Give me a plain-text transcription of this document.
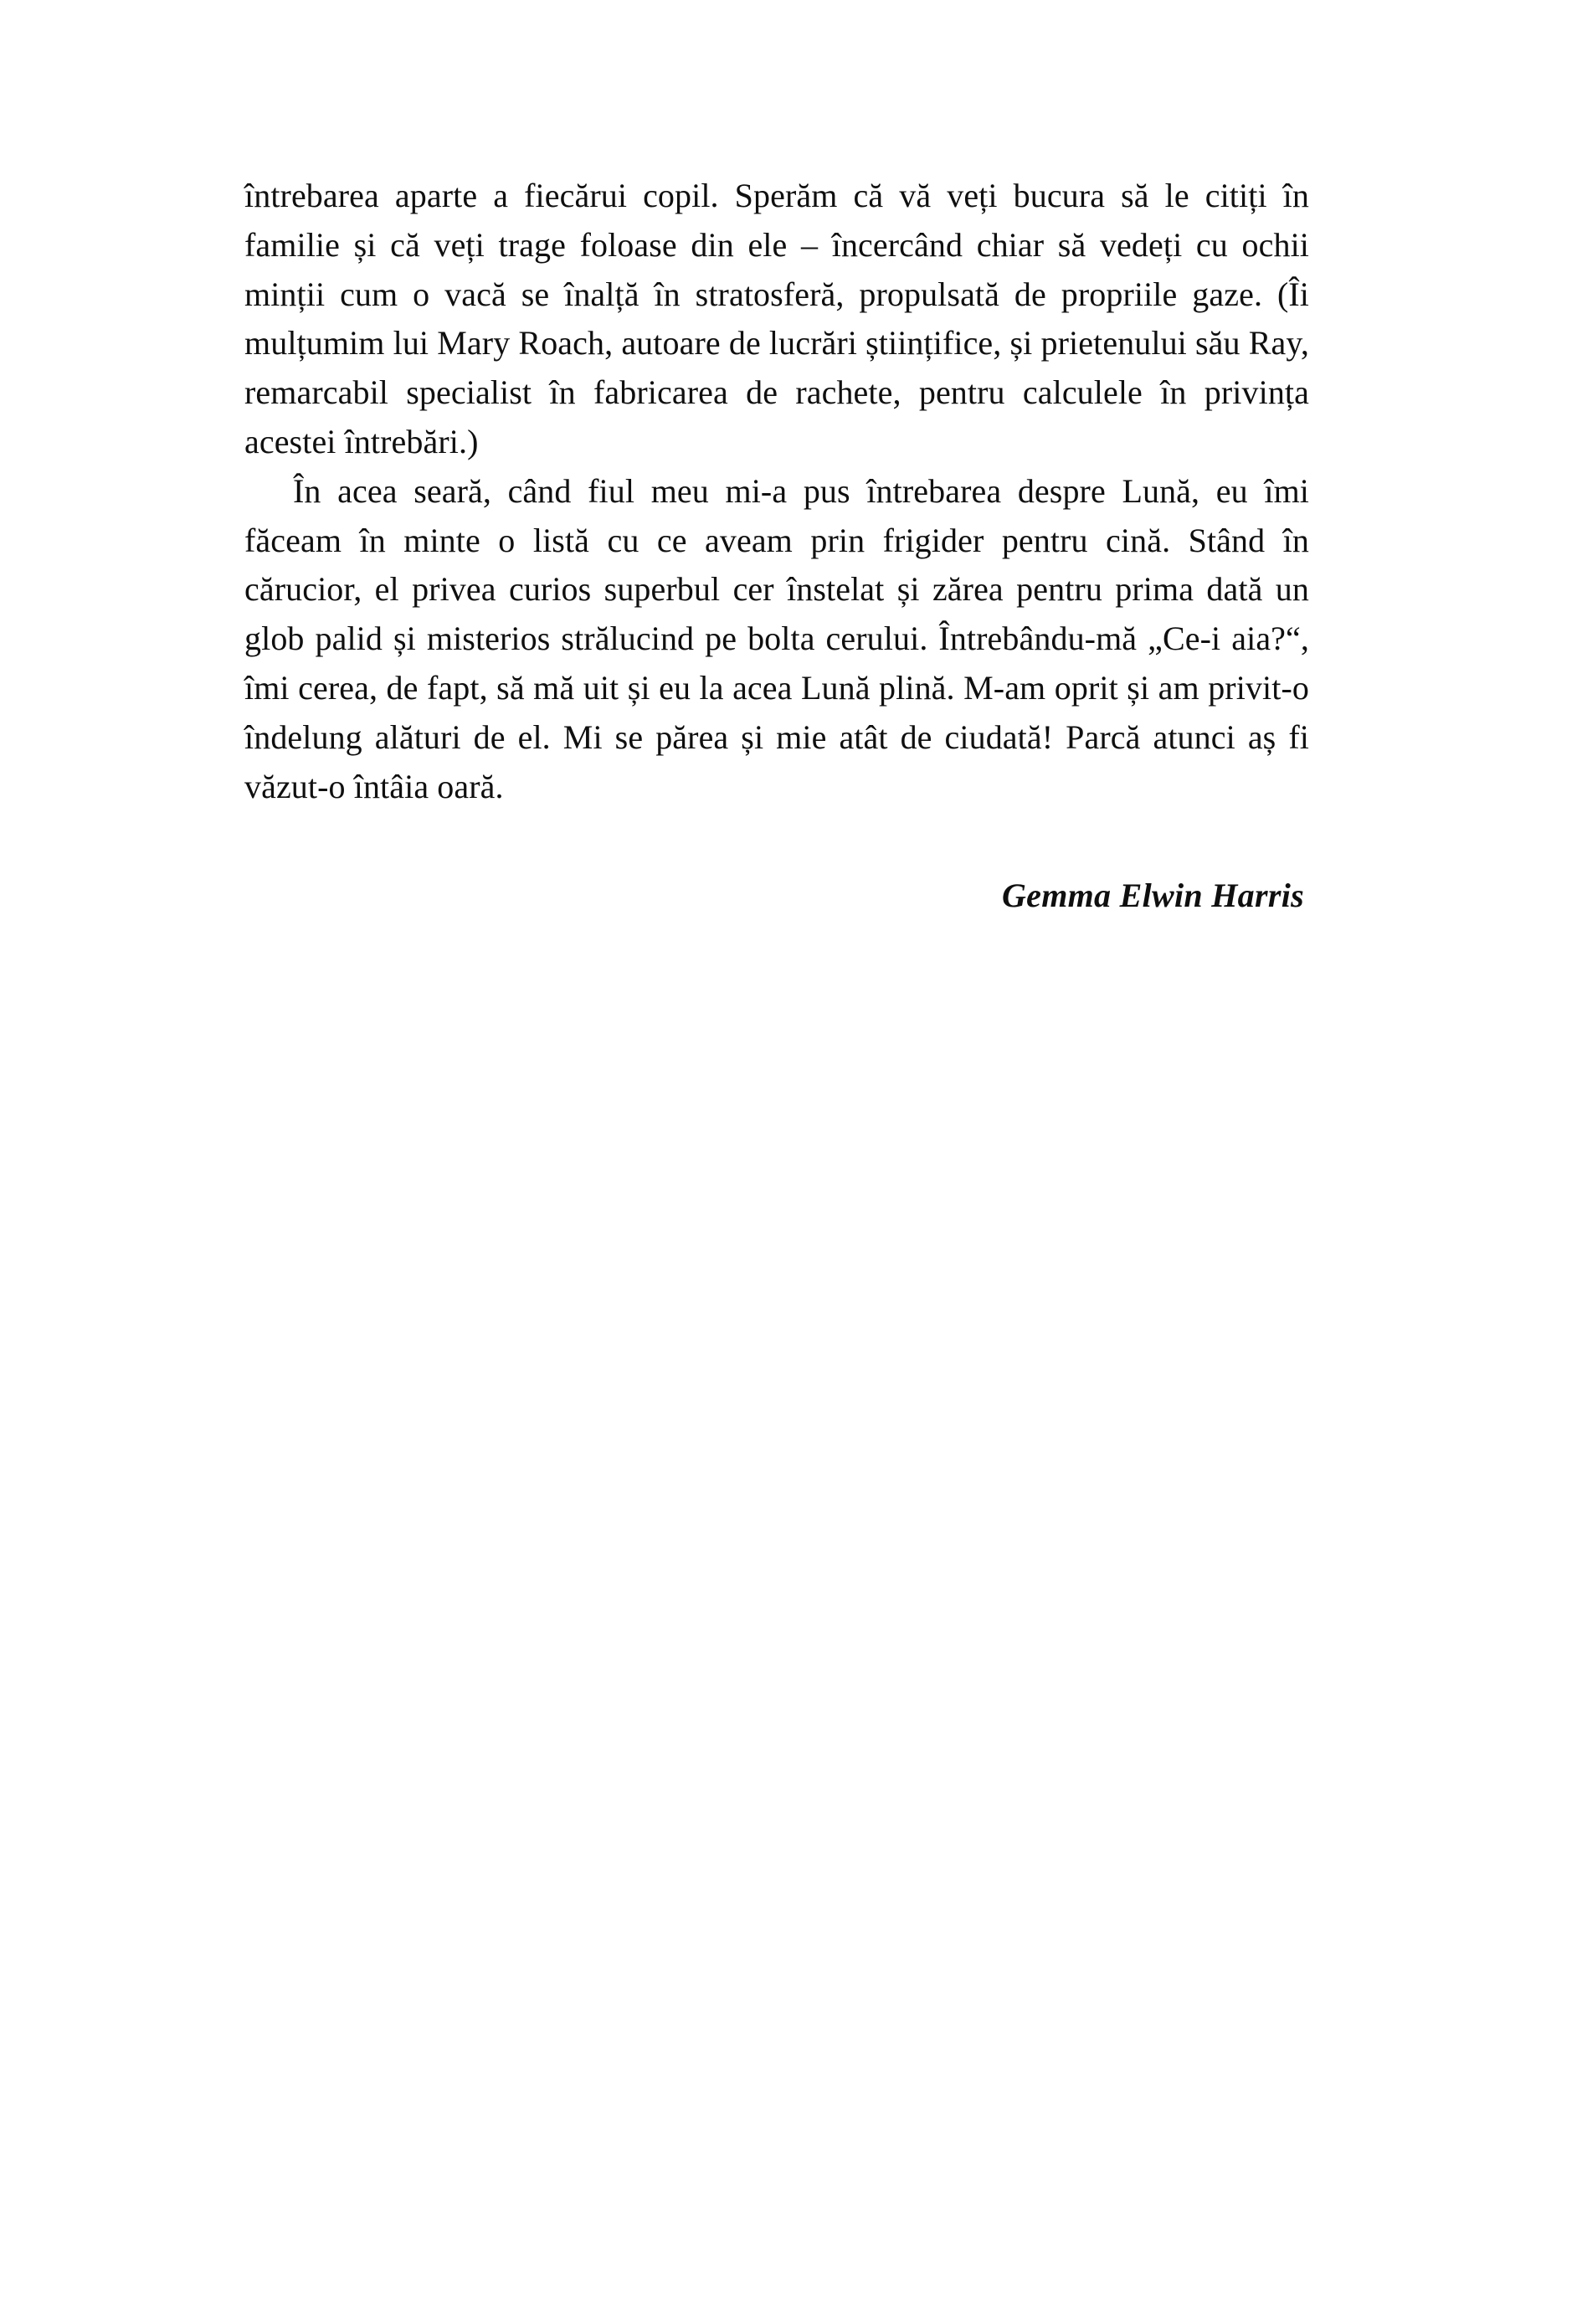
întrebarea aparte a fiecărui copil. Sperăm că vă veți bucura să le citiți în familie și că veți trage foloase din ele – încercând chiar să vedeți cu ochii minții cum o vacă se înalță în stratosferă, propulsată de propriile gaze. (Îi mulțumim lui Mary Roach, autoare de lucrări științifice, și prietenului său Ray, remarcabil specialist în fabricarea de rachete, pentru calculele în privința acestei întrebări.)

În acea seară, când fiul meu mi-a pus întrebarea despre Lună, eu îmi făceam în minte o listă cu ce aveam prin frigider pentru cină. Stând în cărucior, el privea curios superbul cer înstelat și zărea pentru prima dată un glob palid și misterios strălucind pe bolta cerului. Întrebându-mă „Ce-i aia?“, îmi cerea, de fapt, să mă uit și eu la acea Lună plină. M-am oprit și am privit-o îndelung alături de el. Mi se părea și mie atât de ciudată! Parcă atunci aș fi văzut-o întâia oară.

Gemma Elwin Harris
